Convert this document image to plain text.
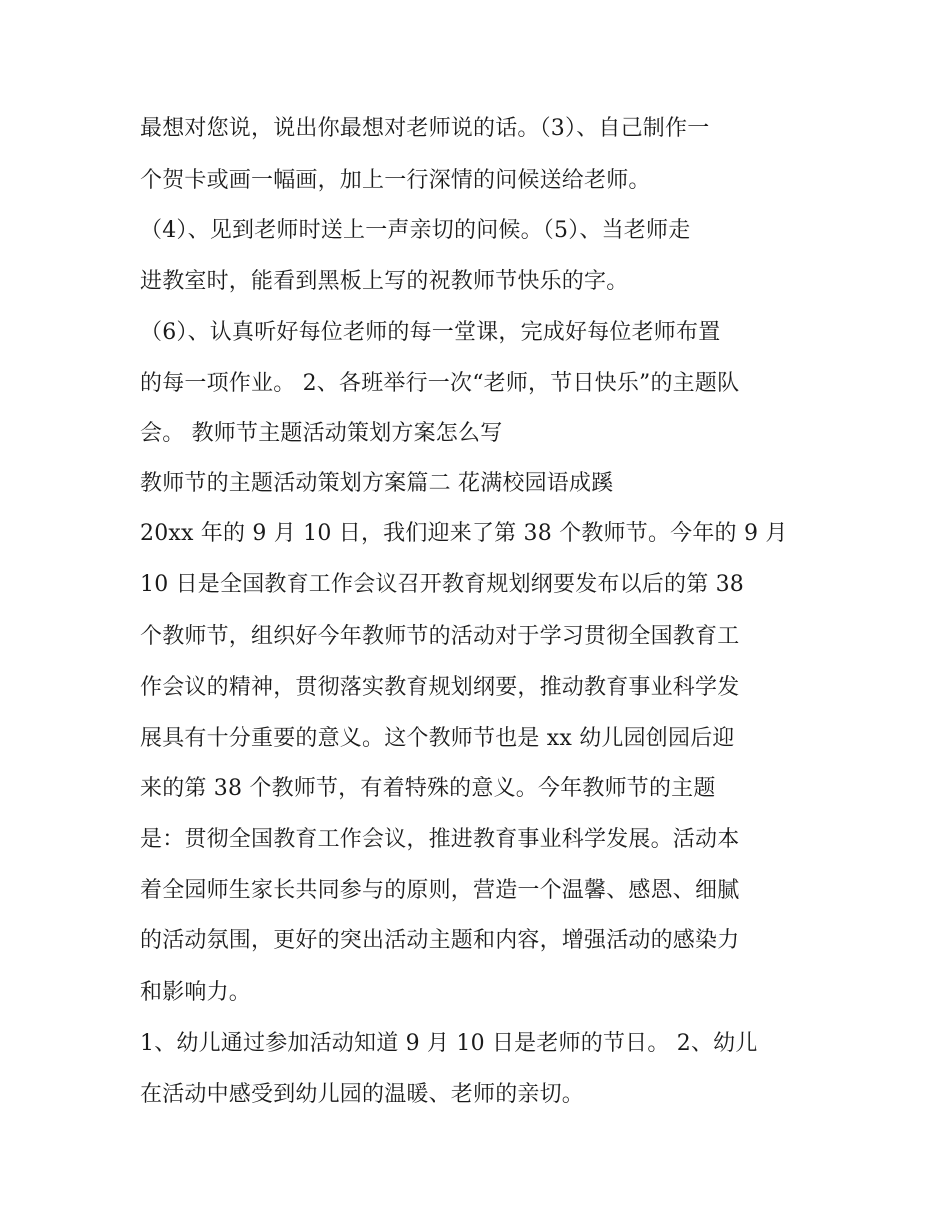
最想对您说，说出你最想对老师说的话。（3）、自己制作一
个贺卡或画一幅画，加上一行深情的问候送给老师。
（4）、见到老师时送上一声亲切的问候。（5）、当老师走
进教室时，能看到黑板上写的祝教师节快乐的字。
（6）、认真听好每位老师的每一堂课，完成好每位老师布置
的每一项作业。 2、各班举行一次“老师，节日快乐”的主题队
会。 教师节主题活动策划方案怎么写
教师节的主题活动策划方案篇二 花满校园语成蹊
20xx 年的 9 月 10 日，我们迎来了第 38 个教师节。今年的 9 月
10 日是全国教育工作会议召开教育规划纲要发布以后的第 38
个教师节，组织好今年教师节的活动对于学习贯彻全国教育工
作会议的精神，贯彻落实教育规划纲要，推动教育事业科学发
展具有十分重要的意义。这个教师节也是 xx 幼儿园创园后迎
来的第 38 个教师节，有着特殊的意义。今年教师节的主题
是：贯彻全国教育工作会议，推进教育事业科学发展。活动本
着全园师生家长共同参与的原则，营造一个温馨、感恩、细腻
的活动氛围，更好的突出活动主题和内容，增强活动的感染力
和影响力。
1、幼儿通过参加活动知道 9 月 10 日是老师的节日。 2、幼儿
在活动中感受到幼儿园的温暖、老师的亲切。
